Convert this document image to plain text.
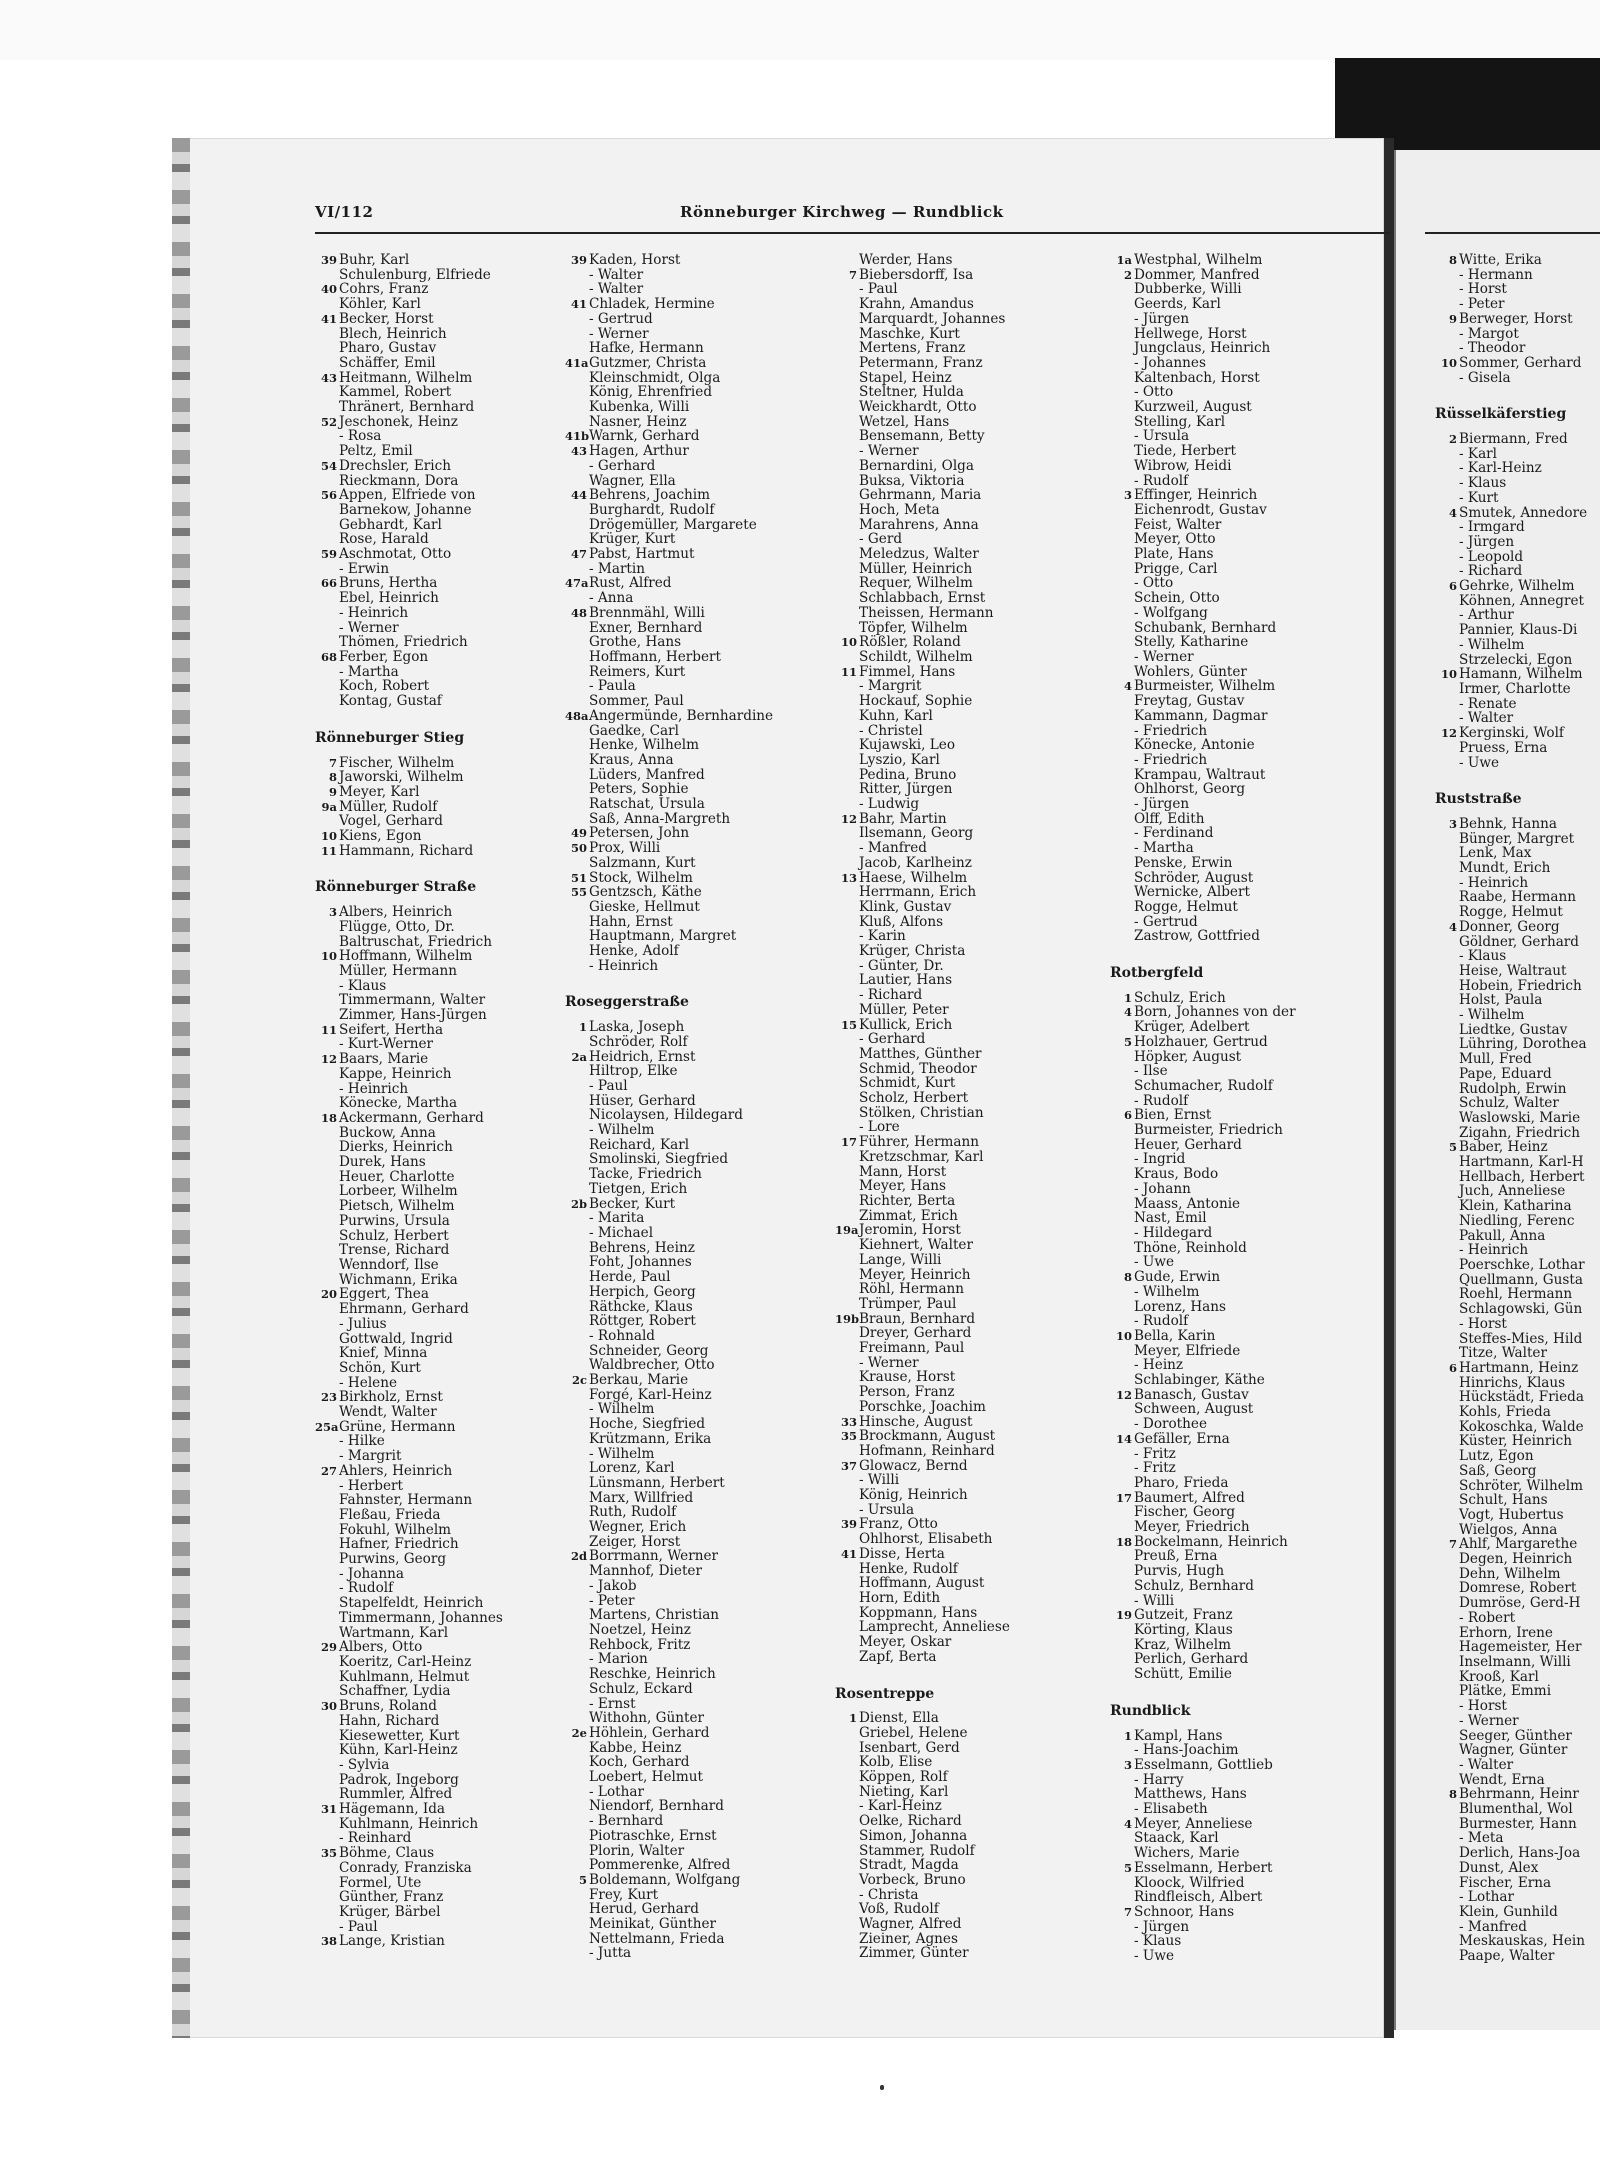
VI/112	Rönneburger Kirchweg — Rundblick
39 Buhr, Karl
Schulenburg, Elfriede
40 Cohrs, Franz
Köhler, Karl
41 Becker, Horst
Blech, Heinrich
Pharo, Gustav
Schäffer, Emil
43 Heitmann, Wilhelm
Kammel, Robert
Thränert, Bernhard
52 Jeschonek, Heinz
- Rosa
Peltz, Emil
54 Drechsler, Erich
Rieckmann, Dora
56 Appen, Elfriede von
Barnekow, Johanne
Gebhardt, Karl
Rose, Harald
59 Aschmotat, Otto
- Erwin
66 Bruns, Hertha
Ebel, Heinrich
- Heinrich
- Werner
Thömen, Friedrich
68 Ferber, Egon
- Martha
Koch, Robert
Kontag, Gustaf
Rönneburger Stieg
7 Fischer, Wilhelm
8 Jaworski, Wilhelm
9 Meyer, Karl
9a Müller, Rudolf
Vogel, Gerhard
10 Kiens, Egon
11 Hammann, Richard
Rönneburger Straße
3 Albers, Heinrich
Flügge, Otto, Dr.
Baltruschat, Friedrich
10 Hoffmann, Wilhelm
Müller, Hermann
- Klaus
Timmermann, Walter
Zimmer, Hans-Jürgen
11 Seifert, Hertha
- Kurt-Werner
12 Baars, Marie
Kappe, Heinrich
- Heinrich
Könecke, Martha
18 Ackermann, Gerhard
Buckow, Anna
Dierks, Heinrich
Durek, Hans
Heuer, Charlotte
Lorbeer, Wilhelm
Pietsch, Wilhelm
Purwins, Ursula
Schulz, Herbert
Trense, Richard
Wenndorf, Ilse
Wichmann, Erika
20 Eggert, Thea
Ehrmann, Gerhard
- Julius
Gottwald, Ingrid
Knief, Minna
Schön, Kurt
- Helene
23 Birkholz, Ernst
Wendt, Walter
25a Grüne, Hermann
- Hilke
- Margrit
27 Ahlers, Heinrich
- Herbert
Fahnster, Hermann
Fleßau, Frieda
Fokuhl, Wilhelm
Hafner, Friedrich
Purwins, Georg
- Johanna
- Rudolf
Stapelfeldt, Heinrich
Timmermann, Johannes
Wartmann, Karl
29 Albers, Otto
Koeritz, Carl-Heinz
Kuhlmann, Helmut
Schaffner, Lydia
30 Bruns, Roland
Hahn, Richard
Kiesewetter, Kurt
Kühn, Karl-Heinz
- Sylvia
Padrok, Ingeborg
Rummler, Alfred
31 Hägemann, Ida
Kuhlmann, Heinrich
- Reinhard
35 Böhme, Claus
Conrady, Franziska
Formel, Ute
Günther, Franz
Krüger, Bärbel
- Paul
38 Lange, Kristian
39 Kaden, Horst
- Walter
- Walter
41 Chladek, Hermine
- Gertrud
- Werner
Hafke, Hermann
41a Gutzmer, Christa
Kleinschmidt, Olga
König, Ehrenfried
Kubenka, Willi
Nasner, Heinz
41b Warnk, Gerhard
43 Hagen, Arthur
- Gerhard
Wagner, Ella
44 Behrens, Joachim
Burghardt, Rudolf
Drögemüller, Margarete
Krüger, Kurt
47 Pabst, Hartmut
- Martin
47a Rust, Alfred
- Anna
48 Brennmähl, Willi
Exner, Bernhard
Grothe, Hans
Hoffmann, Herbert
Reimers, Kurt
- Paula
Sommer, Paul
48a Angermünde, Bernhardine
Gaedke, Carl
Henke, Wilhelm
Kraus, Anna
Lüders, Manfred
Peters, Sophie
Ratschat, Ursula
Saß, Anna-Margreth
49 Petersen, John
50 Prox, Willi
Salzmann, Kurt
51 Stock, Wilhelm
55 Gentzsch, Käthe
Gieske, Hellmut
Hahn, Ernst
Hauptmann, Margret
Henke, Adolf
- Heinrich
Roseggerstraße
1 Laska, Joseph
Schröder, Rolf
2a Heidrich, Ernst
Hiltrop, Elke
- Paul
Hüser, Gerhard
Nicolaysen, Hildegard
- Wilhelm
Reichard, Karl
Smolinski, Siegfried
Tacke, Friedrich
Tietgen, Erich
2b Becker, Kurt
- Marita
- Michael
Behrens, Heinz
Foht, Johannes
Herde, Paul
Herpich, Georg
Räthcke, Klaus
Röttger, Robert
- Rohnald
Schneider, Georg
Waldbrecher, Otto
2c Berkau, Marie
Forgé, Karl-Heinz
- Wilhelm
Hoche, Siegfried
Krützmann, Erika
- Wilhelm
Lorenz, Karl
Lünsmann, Herbert
Marx, Willfried
Ruth, Rudolf
Wegner, Erich
Zeiger, Horst
2d Borrmann, Werner
Mannhof, Dieter
- Jakob
- Peter
Martens, Christian
Noetzel, Heinz
Rehbock, Fritz
- Marion
Reschke, Heinrich
Schulz, Eckard
- Ernst
Withohn, Günter
2e Höhlein, Gerhard
Kabbe, Heinz
Koch, Gerhard
Loebert, Helmut
- Lothar
Niendorf, Bernhard
- Bernhard
Piotraschke, Ernst
Plorin, Walter
Pommerenke, Alfred
5 Boldemann, Wolfgang
Frey, Kurt
Herud, Gerhard
Meinikat, Günther
Nettelmann, Frieda
- Jutta
Werder, Hans
7 Biebersdorff, Isa
- Paul
Krahn, Amandus
Marquardt, Johannes
Maschke, Kurt
Mertens, Franz
Petermann, Franz
Stapel, Heinz
Steltner, Hulda
Weickhardt, Otto
Wetzel, Hans
Bensemann, Betty
- Werner
Bernardini, Olga
Buksa, Viktoria
Gehrmann, Maria
Hoch, Meta
Marahrens, Anna
- Gerd
Meledzus, Walter
Müller, Heinrich
Requer, Wilhelm
Schlabbach, Ernst
Theissen, Hermann
Töpfer, Wilhelm
10 Rößler, Roland
Schildt, Wilhelm
11 Fimmel, Hans
- Margrit
Hockauf, Sophie
Kuhn, Karl
- Christel
Kujawski, Leo
Lyszio, Karl
Pedina, Bruno
Ritter, Jürgen
- Ludwig
12 Bahr, Martin
Ilsemann, Georg
- Manfred
Jacob, Karlheinz
13 Haese, Wilhelm
Herrmann, Erich
Klink, Gustav
Kluß, Alfons
- Karin
Krüger, Christa
- Günter, Dr.
Lautier, Hans
- Richard
Müller, Peter
15 Kullick, Erich
- Gerhard
Matthes, Günther
Schmid, Theodor
Schmidt, Kurt
Scholz, Herbert
Stölken, Christian
- Lore
17 Führer, Hermann
Kretzschmar, Karl
Mann, Horst
Meyer, Hans
Richter, Berta
Zimmat, Erich
19a Jeromin, Horst
Kiehnert, Walter
Lange, Willi
Meyer, Heinrich
Röhl, Hermann
Trümper, Paul
19b Braun, Bernhard
Dreyer, Gerhard
Freimann, Paul
- Werner
Krause, Horst
Person, Franz
Porschke, Joachim
33 Hinsche, August
35 Brockmann, August
Hofmann, Reinhard
37 Glowacz, Bernd
- Willi
König, Heinrich
- Ursula
39 Franz, Otto
Ohlhorst, Elisabeth
41 Disse, Herta
Henke, Rudolf
Hoffmann, August
Horn, Edith
Koppmann, Hans
Lamprecht, Anneliese
Meyer, Oskar
Zapf, Berta
Rosentreppe
1 Dienst, Ella
Griebel, Helene
Isenbart, Gerd
Kolb, Elise
Köppen, Rolf
Nieting, Karl
- Karl-Heinz
Oelke, Richard
Simon, Johanna
Stammer, Rudolf
Stradt, Magda
Vorbeck, Bruno
- Christa
Voß, Rudolf
Wagner, Alfred
Zieiner, Agnes
Zimmer, Günter
1a Westphal, Wilhelm
2 Dommer, Manfred
Dubberke, Willi
Geerds, Karl
- Jürgen
Hellwege, Horst
Jungclaus, Heinrich
- Johannes
Kaltenbach, Horst
- Otto
Kurzweil, August
Stelling, Karl
- Ursula
Tiede, Herbert
Wibrow, Heidi
- Rudolf
3 Effinger, Heinrich
Eichenrodt, Gustav
Feist, Walter
Meyer, Otto
Plate, Hans
Prigge, Carl
- Otto
Schein, Otto
- Wolfgang
Schubank, Bernhard
Stelly, Katharine
- Werner
Wohlers, Günter
4 Burmeister, Wilhelm
Freytag, Gustav
Kammann, Dagmar
- Friedrich
Könecke, Antonie
- Friedrich
Krampau, Waltraut
Ohlhorst, Georg
- Jürgen
Olff, Edith
- Ferdinand
- Martha
Penske, Erwin
Schröder, August
Wernicke, Albert
Rogge, Helmut
- Gertrud
Zastrow, Gottfried
Rotbergfeld
1 Schulz, Erich
4 Born, Johannes von der
Krüger, Adelbert
5 Holzhauer, Gertrud
Höpker, August
- Ilse
Schumacher, Rudolf
- Rudolf
6 Bien, Ernst
Burmeister, Friedrich
Heuer, Gerhard
- Ingrid
Kraus, Bodo
- Johann
Maass, Antonie
Nast, Emil
- Hildegard
Thöne, Reinhold
- Uwe
8 Gude, Erwin
- Wilhelm
Lorenz, Hans
- Rudolf
10 Bella, Karin
Meyer, Elfriede
- Heinz
Schlabinger, Käthe
12 Banasch, Gustav
Schween, August
- Dorothee
14 Gefäller, Erna
- Fritz
- Fritz
Pharo, Frieda
17 Baumert, Alfred
Fischer, Georg
Meyer, Friedrich
18 Bockelmann, Heinrich
Preuß, Erna
Purvis, Hugh
Schulz, Bernhard
- Willi
19 Gutzeit, Franz
Körting, Klaus
Kraz, Wilhelm
Perlich, Gerhard
Schütt, Emilie
Rundblick
1 Kampl, Hans
- Hans-Joachim
3 Esselmann, Gottlieb
- Harry
Matthews, Hans
- Elisabeth
4 Meyer, Anneliese
Staack, Karl
Wichers, Marie
5 Esselmann, Herbert
Kloock, Wilfried
Rindfleisch, Albert
7 Schnoor, Hans
- Jürgen
- Klaus
- Uwe
8 Witte, Erika
- Hermann
- Horst
- Peter
9 Berweger, Horst
- Margot
- Theodor
10 Sommer, Gerhard
- Gisela
Rüsselkäferstieg
2 Biermann, Fred
- Karl
- Karl-Heinz
- Klaus
- Kurt
4 Smutek, Annedore
- Irmgard
- Jürgen
- Leopold
- Richard
6 Gehrke, Wilhelm
Köhnen, Annegret
- Arthur
Pannier, Klaus-Di
- Wilhelm
Strzelecki, Egon
10 Hamann, Wilhelm
Irmer, Charlotte
- Renate
- Walter
12 Kerginski, Wolf
Pruess, Erna
- Uwe
Ruststraße
3 Behnk, Hanna
Bünger, Margret
Lenk, Max
Mundt, Erich
- Heinrich
Raabe, Hermann
Rogge, Helmut
4 Donner, Georg
Göldner, Gerhard
- Klaus
Heise, Waltraut
Hobein, Friedrich
Holst, Paula
- Wilhelm
Liedtke, Gustav
Lühring, Dorothea
Mull, Fred
Pape, Eduard
Rudolph, Erwin
Schulz, Walter
Waslowski, Marie
Zigahn, Friedrich
5 Baber, Heinz
Hartmann, Karl-H
Hellbach, Herbert
Juch, Anneliese
Klein, Katharina
Niedling, Ferenc
Pakull, Anna
- Heinrich
Poerschke, Lothar
Quellmann, Gusta
Roehl, Hermann
Schlagowski, Gün
- Horst
Steffes-Mies, Hild
Titze, Walter
6 Hartmann, Heinz
Hinrichs, Klaus
Hückstädt, Frieda
Kohls, Frieda
Kokoschka, Walde
Küster, Heinrich
Lutz, Egon
Saß, Georg
Schröter, Wilhelm
Schult, Hans
Vogt, Hubertus
Wielgos, Anna
7 Ahlf, Margarethe
Degen, Heinrich
Dehn, Wilhelm
Domrese, Robert
Dumröse, Gerd-H
- Robert
Erhorn, Irene
Hagemeister, Her
Inselmann, Willi
Krooß, Karl
Plätke, Emmi
- Horst
- Werner
Seeger, Günther
Wagner, Günter
- Walter
Wendt, Erna
8 Behrmann, Heinr
Blumenthal, Wol
Burmester, Hann
- Meta
Derlich, Hans-Joa
Dunst, Alex
Fischer, Erna
- Lothar
Klein, Gunhild
- Manfred
Meskauskas, Hein
Paape, Walter
